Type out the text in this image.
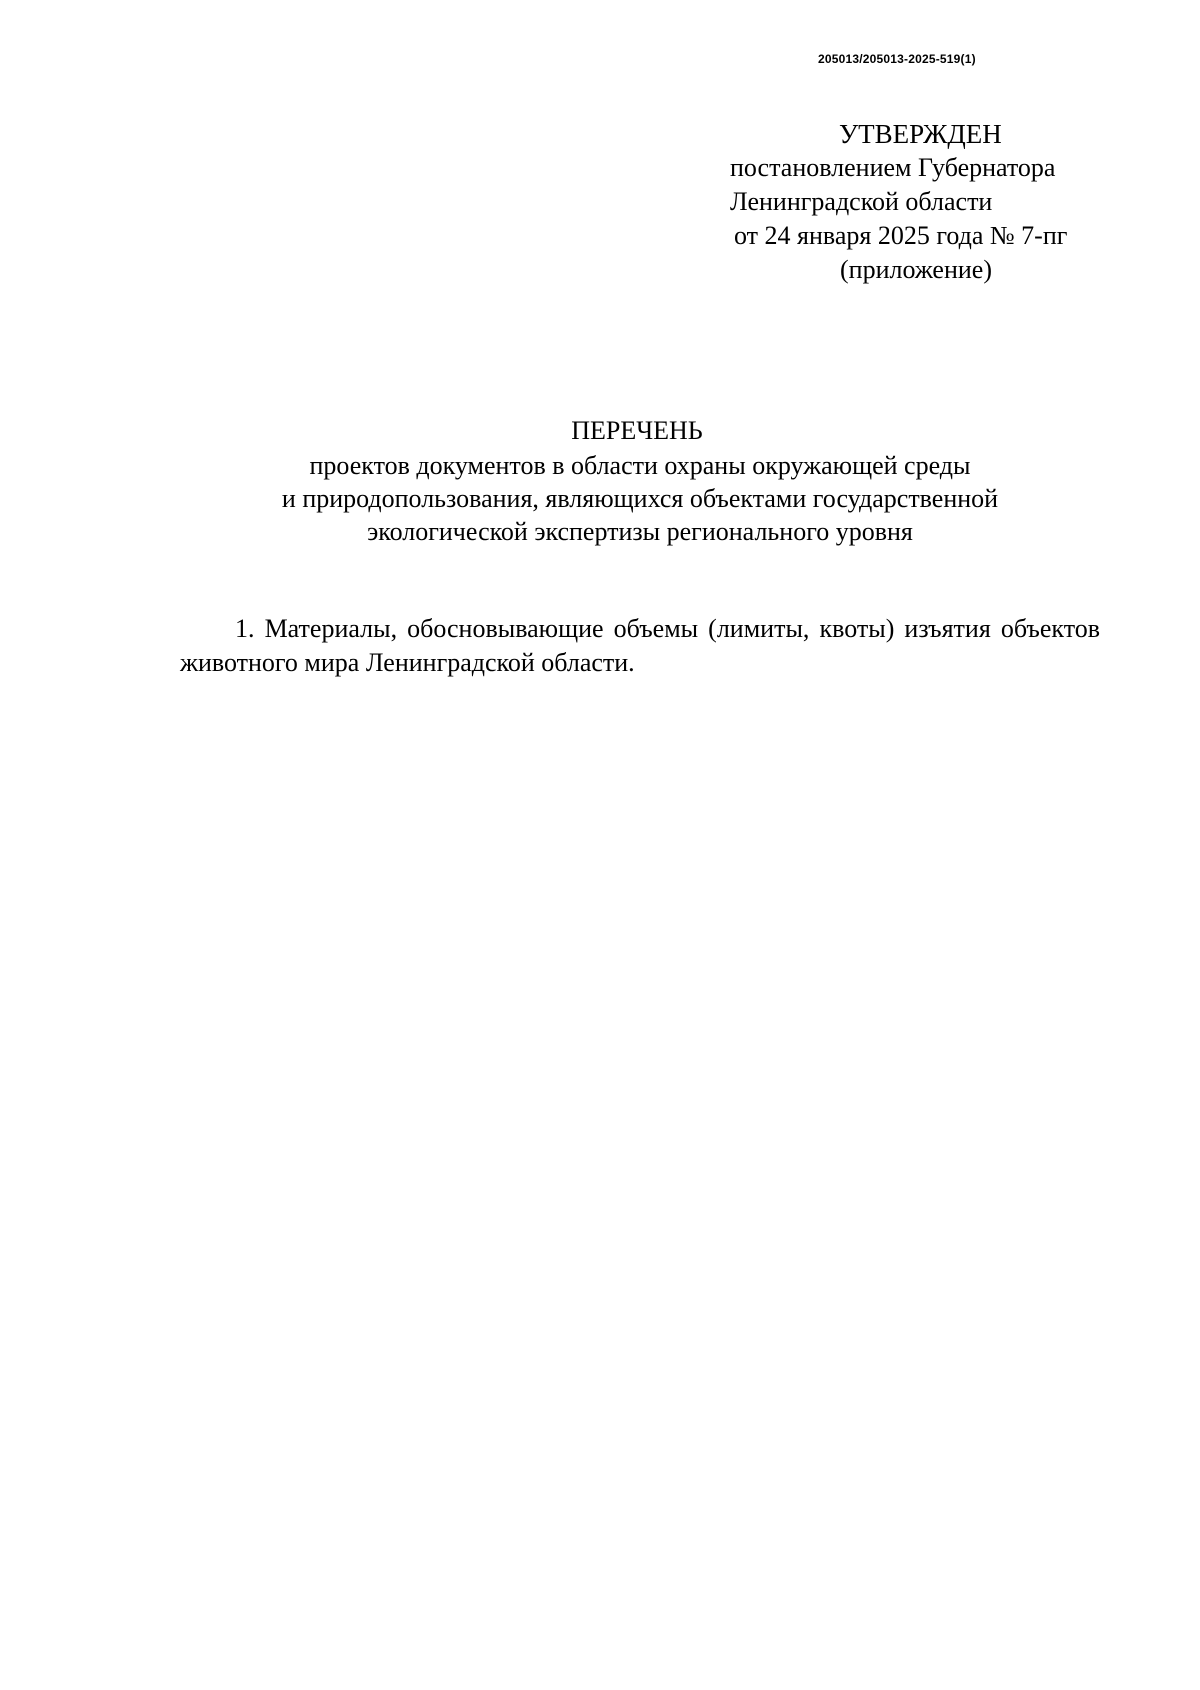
205013/205013-2025-519(1)
УТВЕРЖДЕН
постановлением Губернатора
Ленинградской области
от 24 января 2025 года № 7-пг
(приложение)
ПЕРЕЧЕНЬ
проектов документов в области охраны окружающей среды
и природопользования, являющихся объектами государственной
экологической экспертизы регионального уровня
1. Материалы, обосновывающие объемы (лимиты, квоты) изъятия объектов животного мира Ленинградской области.
